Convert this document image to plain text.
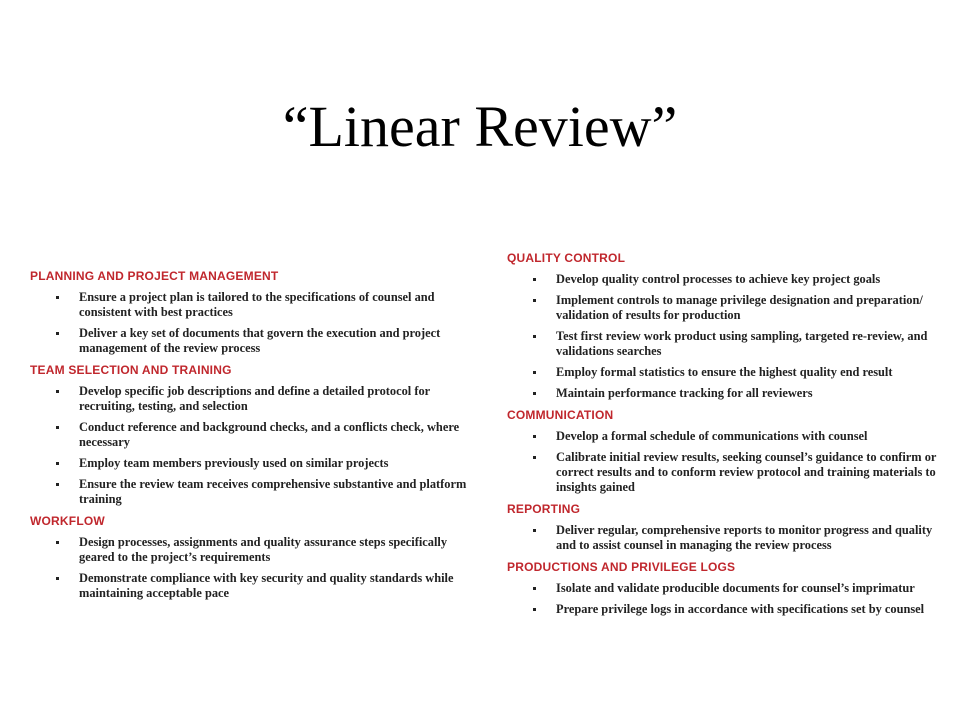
“Linear Review”
PLANNING AND PROJECT MANAGEMENT
Ensure a project plan is tailored to the specifications of counsel and consistent with best practices
Deliver a key set of documents that govern the execution and project management of the review process
TEAM SELECTION AND TRAINING
Develop specific job descriptions and define a detailed protocol for recruiting, testing, and selection
Conduct reference and background checks, and a conflicts check, where necessary
Employ team members previously used on similar projects
Ensure the review team receives comprehensive substantive and platform training
WORKFLOW
Design processes, assignments and quality assurance steps specifically geared to the project’s requirements
Demonstrate compliance with key security and quality standards while maintaining acceptable pace
QUALITY CONTROL
Develop quality control processes to achieve key project goals
Implement controls to manage privilege designation and preparation/ validation of results for production
Test first review work product using sampling, targeted re-review, and validations searches
Employ formal statistics to ensure the highest quality end result
Maintain performance tracking for all reviewers
COMMUNICATION
Develop a formal schedule of communications with counsel
Calibrate initial review results, seeking counsel’s guidance to confirm or correct results and to conform review protocol and training materials to insights gained
REPORTING
Deliver regular, comprehensive reports to monitor progress and quality and to assist counsel in managing the review process
PRODUCTIONS AND PRIVILEGE LOGS
Isolate and validate producible documents for counsel’s imprimatur
Prepare privilege logs in accordance with specifications set by counsel
